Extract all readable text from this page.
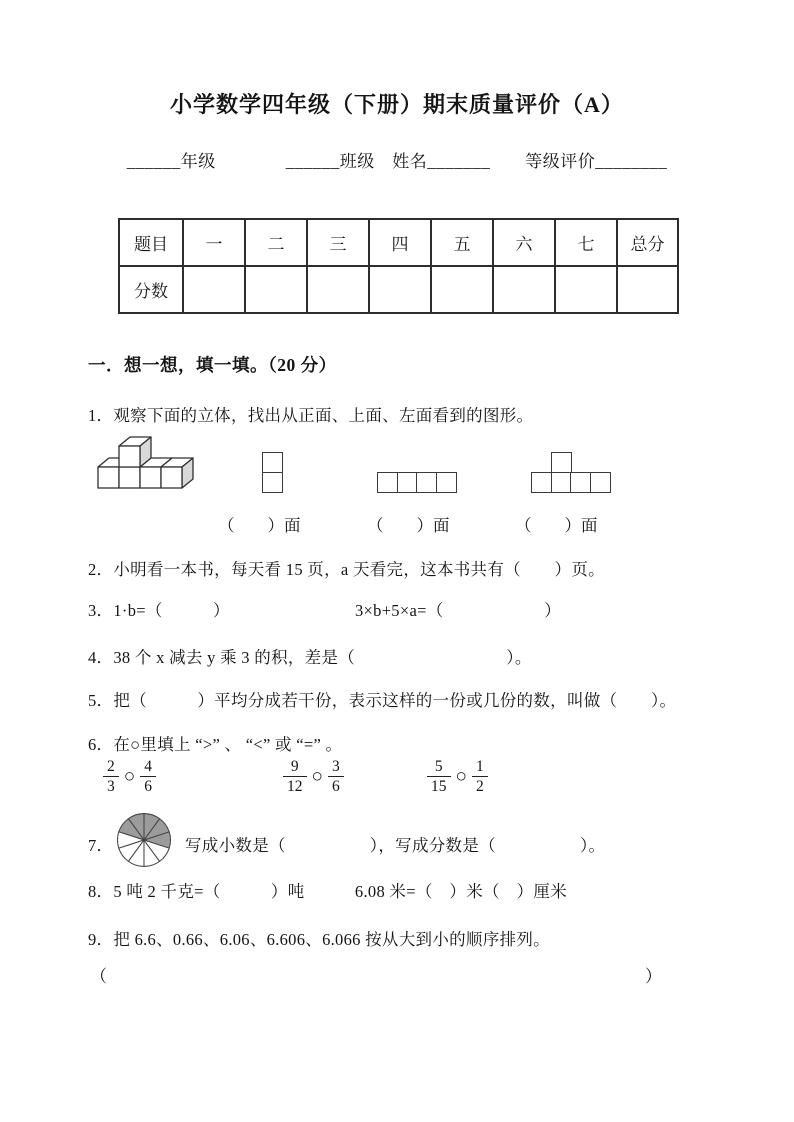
小学数学四年级（下册）期末质量评价（A）
______年级　　　　______班级　姓名_______　　等级评价________
题目	一	二	三	四	五	六	七	总分
分数								
一．想一想，填一填。（20 分）
1．观察下面的立体，找出从正面、上面、左面看到的图形。
（　　）面	（　　）面	（　　）面
2．小明看一本书，每天看 15 页，a 天看完，这本书共有（　　）页。
3．1·b=（　　　）	3×b+5×a=（　　　　　　）
4．38 个 x 减去 y 乘 3 的积，差是（　　　　　　　　　）。
5．把（　　　）平均分成若干份，表示这样的一份或几份的数，叫做（　　）。
6．在○里填上 “>” 、 “<” 或 “=” 。
$\frac{2}{3}$ ○ $\frac{4}{6}$	$\frac{9}{12}$ ○ $\frac{3}{6}$	$\frac{5}{15}$ ○ $\frac{1}{2}$
7．	写成小数是（　　　　　），写成分数是（　　　　　）。
8．5 吨 2 千克=（　　　）吨　　　6.08 米=（　）米（　）厘米
9．把 6.6、0.66、6.06、6.606、6.066 按从大到小的顺序排列。
（	）
